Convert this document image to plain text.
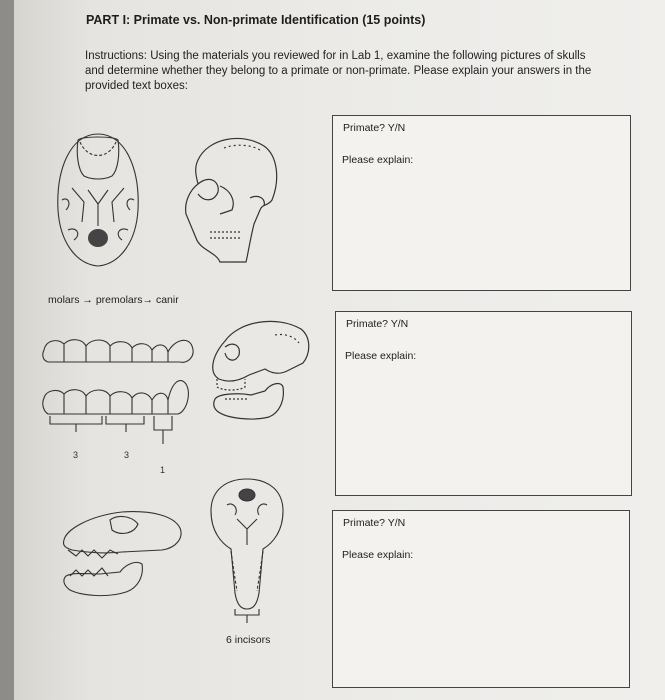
PART I: Primate vs. Non-primate Identification (15 points)
Instructions: Using the materials you reviewed for in Lab 1, examine the following pictures of skulls and determine whether they belong to a primate or non-primate. Please explain your answers in the provided text boxes:
Primate? Y/N
Please explain:
Primate? Y/N
Please explain:
Primate? Y/N
Please explain:
molars → premolars→ canir
3	3
1
6 incisors
